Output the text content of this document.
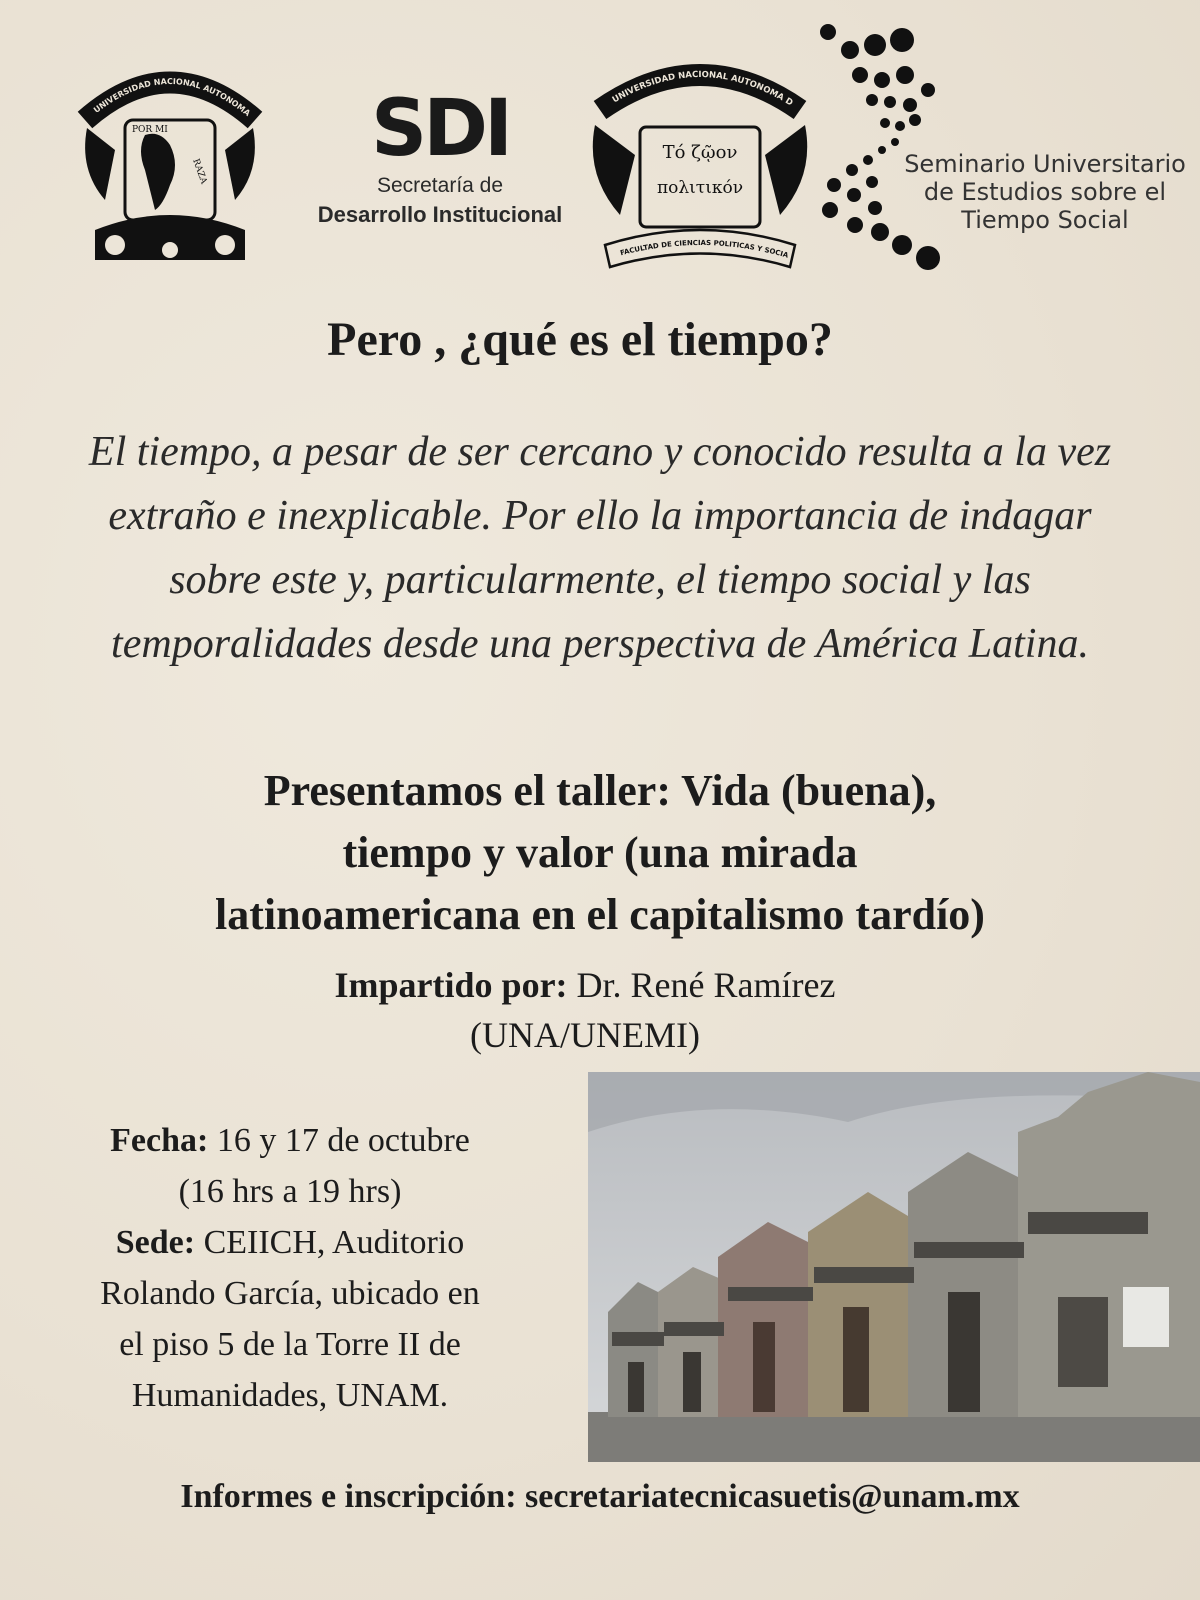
UNIVERSIDAD NACIONAL AUTONOMA
POR MI
RAZA	SDI
Secretaría de
Desarrollo Institucional
UNIVERSIDAD NACIONAL AUTONOMA D
Τό ζῷον
πολιτικόν
FACULTAD DE CIENCIAS POLITICAS Y SOCIA
Seminario Universitario
de Estudios sobre el
Tiempo Social
Pero , ¿qué es el tiempo?
El tiempo, a pesar de ser cercano y conocido resulta a la vez extraño e inexplicable. Por ello la importancia de indagar sobre este y, particularmente, el tiempo social y las temporalidades desde una perspectiva de América Latina.
Presentamos el taller: Vida (buena),
tiempo y valor (una mirada
latinoamericana en el capitalismo tardío)
Impartido por: Dr. René Ramírez
(UNA/UNEMI)
Fecha: 16 y 17 de octubre
(16 hrs a 19 hrs)
Sede: CEIICH, Auditorio
Rolando García, ubicado en
el piso 5 de la Torre II de
Humanidades, UNAM.
Informes e inscripción: secretariatecnicasuetis@unam.mx
